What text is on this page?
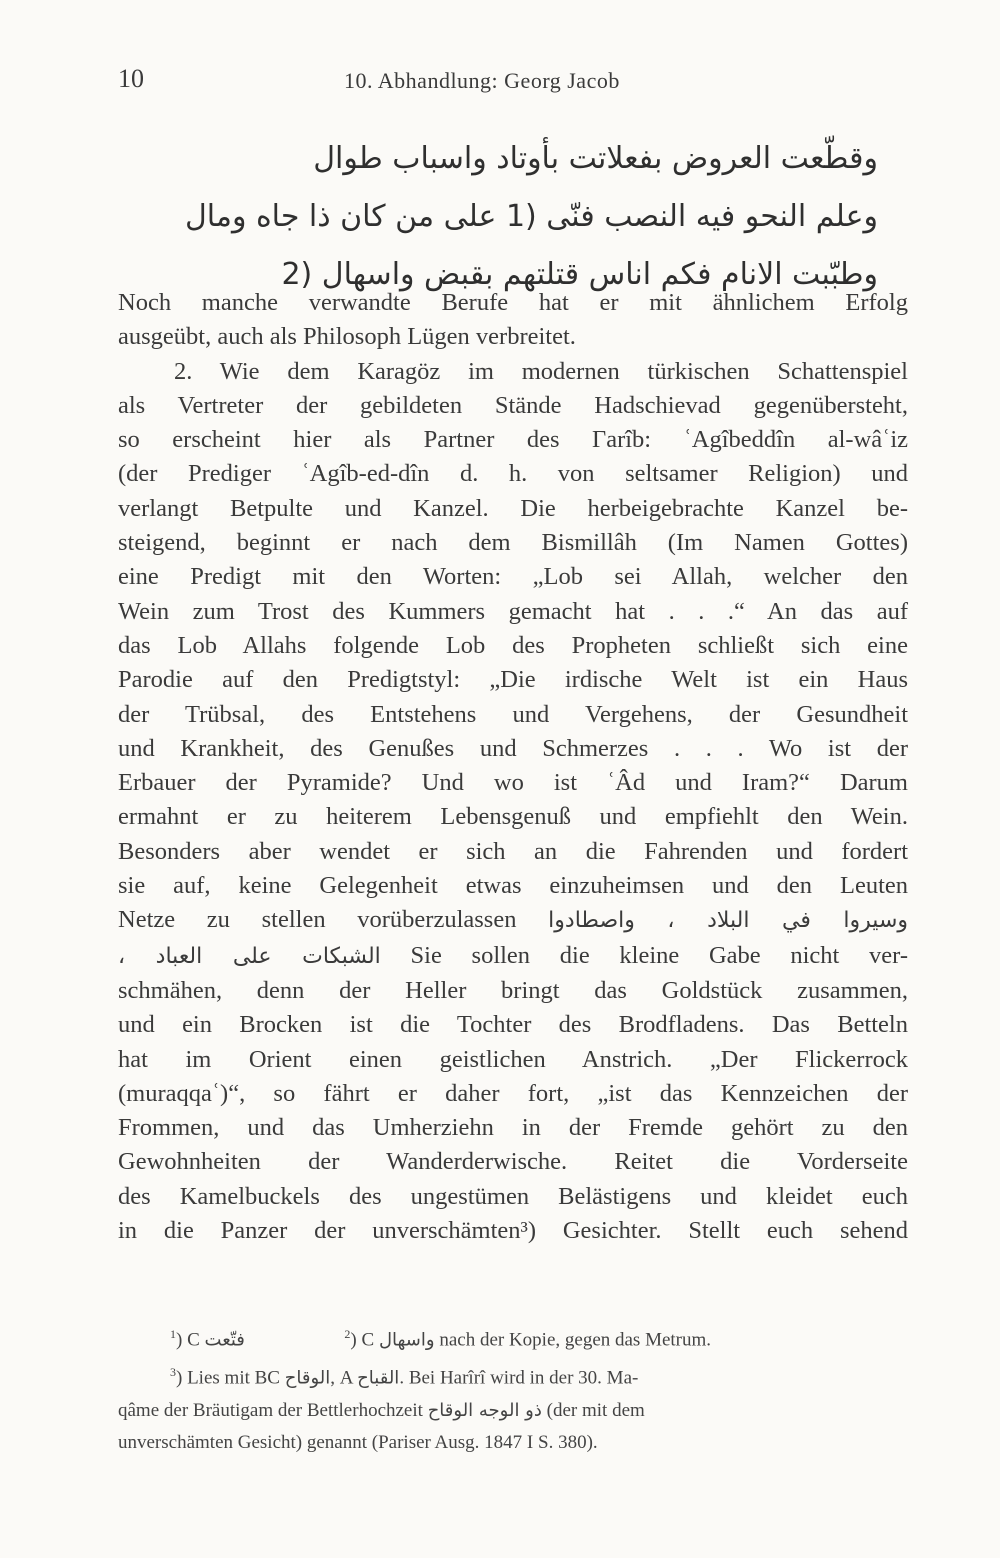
10	10. Abhandlung: Georg Jacob
وقطّعت العروض بفعلاتت بأوتاد واسباب طوال
وعلم النحو فيه النصب فنّى (1 على من كان ذا جاه ومال
وطبّبت الانام فكم اناس قتلتهم بقبض واسهال (2
Noch manche verwandte Berufe hat er mit ähnlichem Erfolg
ausgeübt, auch als Philosoph Lügen verbreitet.
2. Wie dem Karagöz im modernen türkischen Schattenspiel
als Vertreter der gebildeten Stände Hadschievad gegenübersteht,
so erscheint hier als Partner des Γarîb: ʿAgîbeddîn al-wâʿiz
(der Prediger ʿAgîb-ed-dîn d. h. von seltsamer Religion) und
verlangt Betpulte und Kanzel. Die herbeigebrachte Kanzel be-
steigend, beginnt er nach dem Bismillâh (Im Namen Gottes)
eine Predigt mit den Worten: „Lob sei Allah, welcher den
Wein zum Trost des Kummers gemacht hat . . .“ An das auf
das Lob Allahs folgende Lob des Propheten schließt sich eine
Parodie auf den Predigtstyl: „Die irdische Welt ist ein Haus
der Trübsal, des Entstehens und Vergehens, der Gesundheit
und Krankheit, des Genußes und Schmerzes . . . Wo ist der
Erbauer der Pyramide? Und wo ist ʿÂd und Iram?“ Darum
ermahnt er zu heiterem Lebensgenuß und empfiehlt den Wein.
Besonders aber wendet er sich an die Fahrenden und fordert
sie auf, keine Gelegenheit etwas einzuheimsen und den Leuten
Netze zu stellen vorüberzulassen وسيروا في البلاد ، واصطادوا
الشبكات على العباد ، Sie sollen die kleine Gabe nicht ver-
schmähen, denn der Heller bringt das Goldstück zusammen,
und ein Brocken ist die Tochter des Brodfladens. Das Betteln
hat im Orient einen geistlichen Anstrich. „Der Flickerrock
(muraqqaʿ)“, so fährt er daher fort, „ist das Kennzeichen der
Frommen, und das Umherziehn in der Fremde gehört zu den
Gewohnheiten der Wanderderwische. Reitet die Vorderseite
des Kamelbuckels des ungestümen Belästigens und kleidet euch
in die Panzer der unverschämten³) Gesichter. Stellt euch sehend
$^1$) C فتّعت	$^2$) C واسهال nach der Kopie, gegen das Metrum.
$^3$) Lies mit BC الوقاح, A القباح. Bei Harîrî wird in der 30. Ma-
qâme der Bräutigam der Bettlerhochzeit ذو الوجه الوقاح (der mit dem
unverschämten Gesicht) genannt (Pariser Ausg. 1847 I S. 380).
